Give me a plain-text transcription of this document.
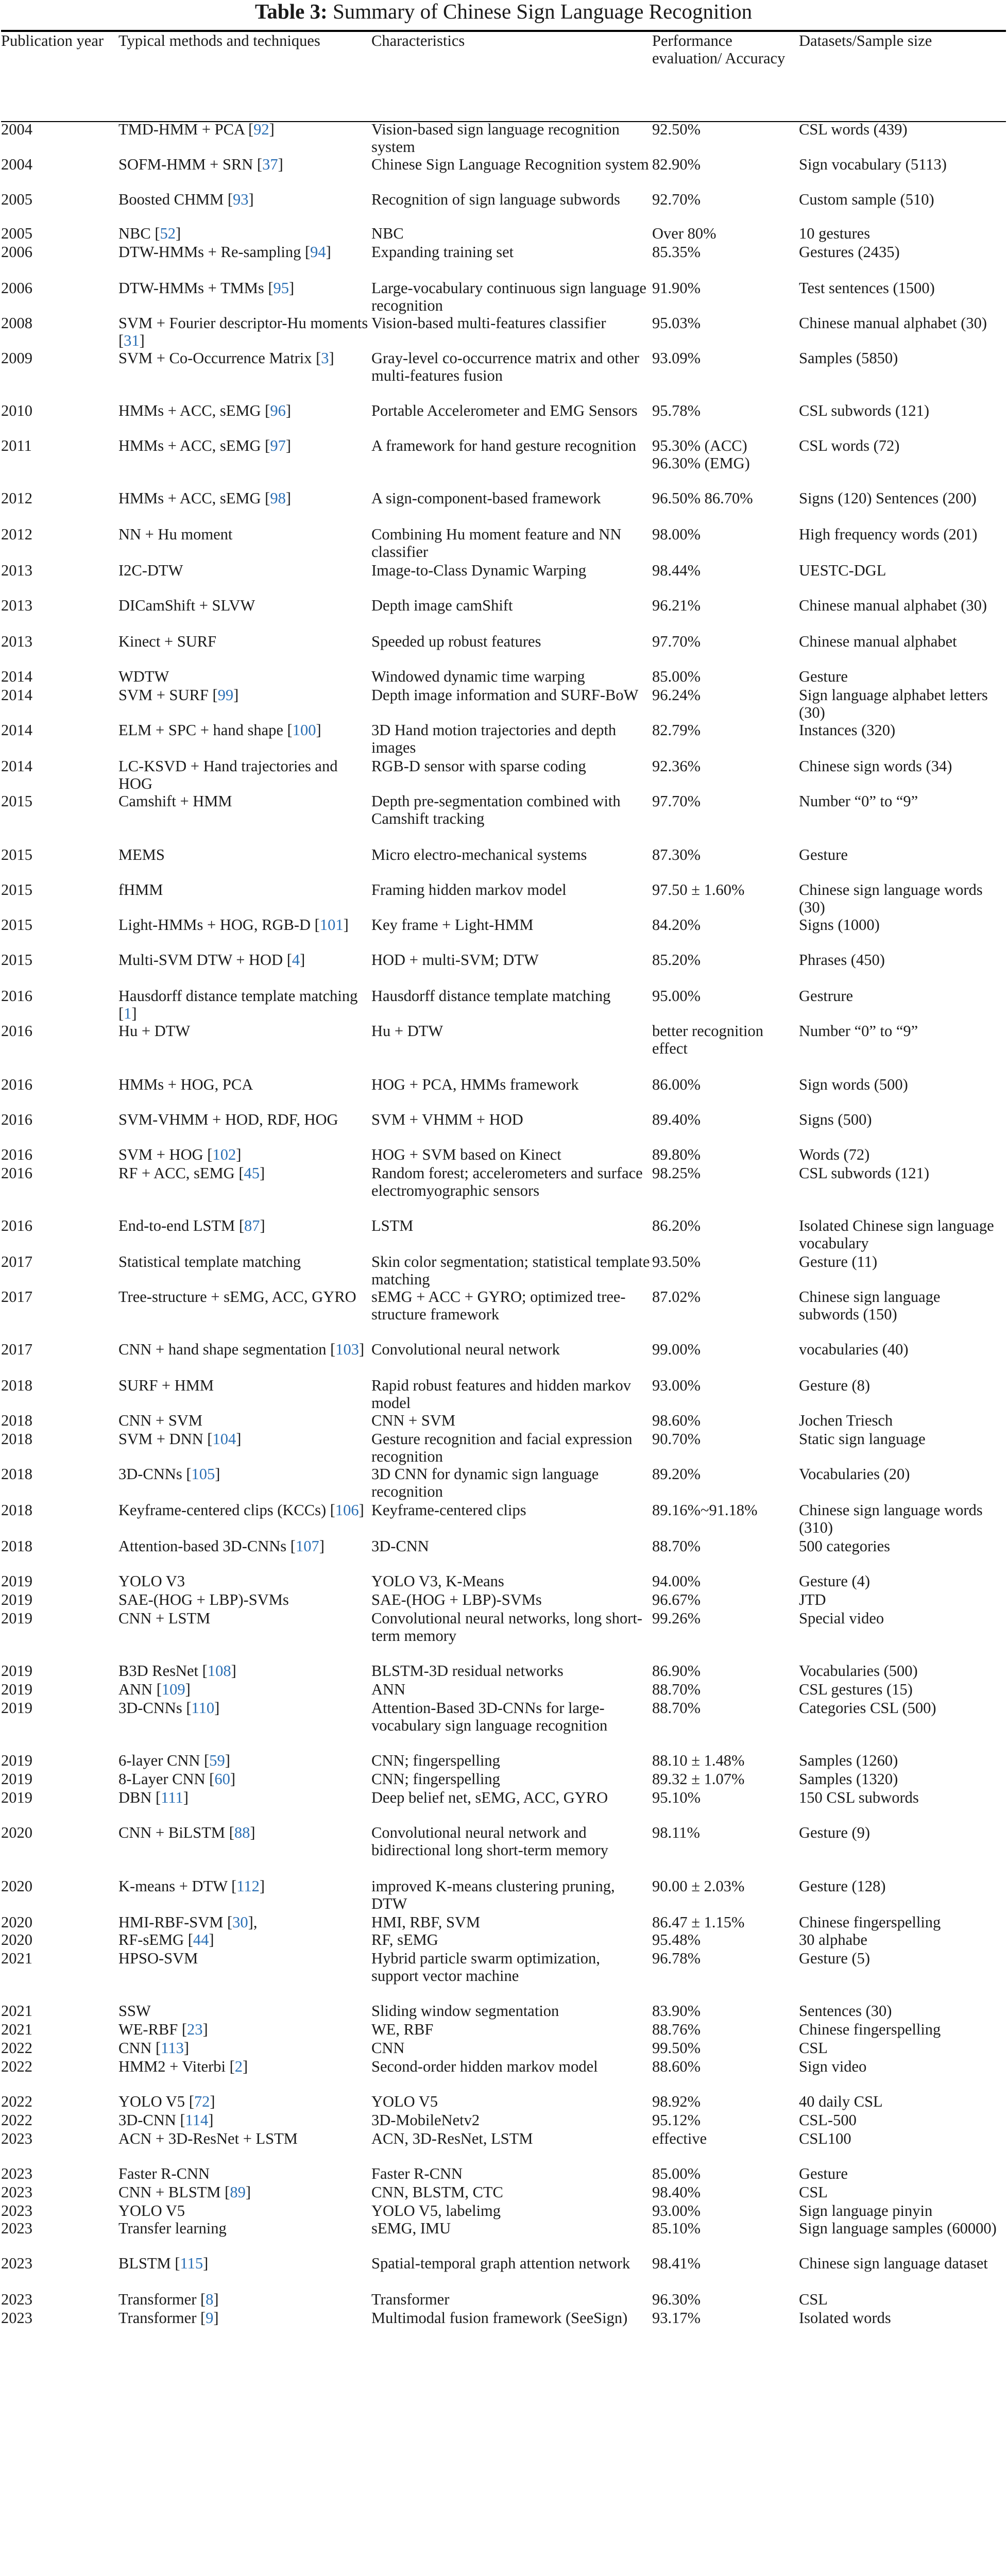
Table 3: Summary of Chinese Sign Language Recognition
Publication year	Typical methods and techniques	Characteristics	Performance evaluation/ Accuracy	Datasets/Sample size
2004	TMD-HMM + PCA [92]	Vision-based sign language recognition system	92.50%	CSL words (439)
2004	SOFM-HMM + SRN [37]	Chinese Sign Language Recognition system	82.90%	Sign vocabulary (5113)
2005	Boosted CHMM [93]	Recognition of sign language subwords	92.70%	Custom sample (510)
2005	NBC [52]	NBC	Over 80%	10 gestures
2006	DTW-HMMs + Re-sampling [94]	Expanding training set	85.35%	Gestures (2435)
2006	DTW-HMMs + TMMs [95]	Large-vocabulary continuous sign language recognition	91.90%	Test sentences (1500)
2008	SVM + Fourier descriptor-Hu moments [31]	Vision-based multi-features classifier	95.03%	Chinese manual alphabet (30)
2009	SVM + Co-Occurrence Matrix [3]	Gray-level co-occurrence matrix and other multi-features fusion	93.09%	Samples (5850)
2010	HMMs + ACC, sEMG [96]	Portable Accelerometer and EMG Sensors	95.78%	CSL subwords (121)
2011	HMMs + ACC, sEMG [97]	A framework for hand gesture recognition	95.30% (ACC) 96.30% (EMG)	CSL words (72)
2012	HMMs + ACC, sEMG [98]	A sign-component-based framework	96.50% 86.70%	Signs (120) Sentences (200)
2012	NN + Hu moment	Combining Hu moment feature and NN classifier	98.00%	High frequency words (201)
2013	I2C-DTW	Image-to-Class Dynamic Warping	98.44%	UESTC-DGL
2013	DICamShift + SLVW	Depth image camShift	96.21%	Chinese manual alphabet (30)
2013	Kinect + SURF	Speeded up robust features	97.70%	Chinese manual alphabet
2014	WDTW	Windowed dynamic time warping	85.00%	Gesture
2014	SVM + SURF [99]	Depth image information and SURF-BoW	96.24%	Sign language alphabet letters (30)
2014	ELM + SPC + hand shape [100]	3D Hand motion trajectories and depth images	82.79%	Instances (320)
2014	LC-KSVD + Hand trajectories and HOG	RGB-D sensor with sparse coding	92.36%	Chinese sign words (34)
2015	Camshift + HMM	Depth pre-segmentation combined with Camshift tracking	97.70%	Number “0” to “9”
2015	MEMS	Micro electro-mechanical systems	87.30%	Gesture
2015	fHMM	Framing hidden markov model	97.50 ± 1.60%	Chinese sign language words (30)
2015	Light-HMMs + HOG, RGB-D [101]	Key frame + Light-HMM	84.20%	Signs (1000)
2015	Multi-SVM DTW + HOD [4]	HOD + multi-SVM; DTW	85.20%	Phrases (450)
2016	Hausdorff distance template matching [1]	Hausdorff distance template matching	95.00%	Gestrure
2016	Hu + DTW	Hu + DTW	better recognition effect	Number “0” to “9”
2016	HMMs + HOG, PCA	HOG + PCA, HMMs framework	86.00%	Sign words (500)
2016	SVM-VHMM + HOD, RDF, HOG	SVM + VHMM + HOD	89.40%	Signs (500)
2016	SVM + HOG [102]	HOG + SVM based on Kinect	89.80%	Words (72)
2016	RF + ACC, sEMG [45]	Random forest; accelerometers and surface electromyographic sensors	98.25%	CSL subwords (121)
2016	End-to-end LSTM [87]	LSTM	86.20%	Isolated Chinese sign language vocabulary
2017	Statistical template matching	Skin color segmentation; statistical template matching	93.50%	Gesture (11)
2017	Tree-structure + sEMG, ACC, GYRO	sEMG + ACC + GYRO; optimized tree-structure framework	87.02%	Chinese sign language subwords (150)
2017	CNN + hand shape segmentation [103]	Convolutional neural network	99.00%	vocabularies (40)
2018	SURF + HMM	Rapid robust features and hidden markov model	93.00%	Gesture (8)
2018	CNN + SVM	CNN + SVM	98.60%	Jochen Triesch
2018	SVM + DNN [104]	Gesture recognition and facial expression recognition	90.70%	Static sign language
2018	3D-CNNs [105]	3D CNN for dynamic sign language recognition	89.20%	Vocabularies (20)
2018	Keyframe-centered clips (KCCs) [106]	Keyframe-centered clips	89.16%~91.18%	Chinese sign language words (310)
2018	Attention-based 3D-CNNs [107]	3D-CNN	88.70%	500 categories
2019	YOLO V3	YOLO V3, K-Means	94.00%	Gesture (4)
2019	SAE-(HOG + LBP)-SVMs	SAE-(HOG + LBP)-SVMs	96.67%	JTD
2019	CNN + LSTM	Convolutional neural networks, long short-term memory	99.26%	Special video
2019	B3D ResNet [108]	BLSTM-3D residual networks	86.90%	Vocabularies (500)
2019	ANN [109]	ANN	88.70%	CSL gestures (15)
2019	3D-CNNs [110]	Attention-Based 3D-CNNs for large-vocabulary sign language recognition	88.70%	Categories CSL (500)
2019	6-layer CNN [59]	CNN; fingerspelling	88.10 ± 1.48%	Samples (1260)
2019	8-Layer CNN [60]	CNN; fingerspelling	89.32 ± 1.07%	Samples (1320)
2019	DBN [111]	Deep belief net, sEMG, ACC, GYRO	95.10%	150 CSL subwords
2020	CNN + BiLSTM [88]	Convolutional neural network and bidirectional long short-term memory	98.11%	Gesture (9)
2020	K-means + DTW [112]	improved K-means clustering pruning, DTW	90.00 ± 2.03%	Gesture (128)
2020	HMI-RBF-SVM [30],	HMI, RBF, SVM	86.47 ± 1.15%	Chinese fingerspelling
2020	RF-sEMG [44]	RF, sEMG	95.48%	30 alphabe
2021	HPSO-SVM	Hybrid particle swarm optimization, support vector machine	96.78%	Gesture (5)
2021	SSW	Sliding window segmentation	83.90%	Sentences (30)
2021	WE-RBF [23]	WE, RBF	88.76%	Chinese fingerspelling
2022	CNN [113]	CNN	99.50%	CSL
2022	HMM2 + Viterbi [2]	Second-order hidden markov model	88.60%	Sign video
2022	YOLO V5 [72]	YOLO V5	98.92%	40 daily CSL
2022	3D-CNN [114]	3D-MobileNetv2	95.12%	CSL-500
2023	ACN + 3D-ResNet + LSTM	ACN, 3D-ResNet, LSTM	effective	CSL100
2023	Faster R-CNN	Faster R-CNN	85.00%	Gesture
2023	CNN + BLSTM [89]	CNN, BLSTM, CTC	98.40%	CSL
2023	YOLO V5	YOLO V5, labelimg	93.00%	Sign language pinyin
2023	Transfer learning	sEMG, IMU	85.10%	Sign language samples (60000)
2023	BLSTM [115]	Spatial-temporal graph attention network	98.41%	Chinese sign language dataset
2023	Transformer [8]	Transformer	96.30%	CSL
2023	Transformer [9]	Multimodal fusion framework (SeeSign)	93.17%	Isolated words
